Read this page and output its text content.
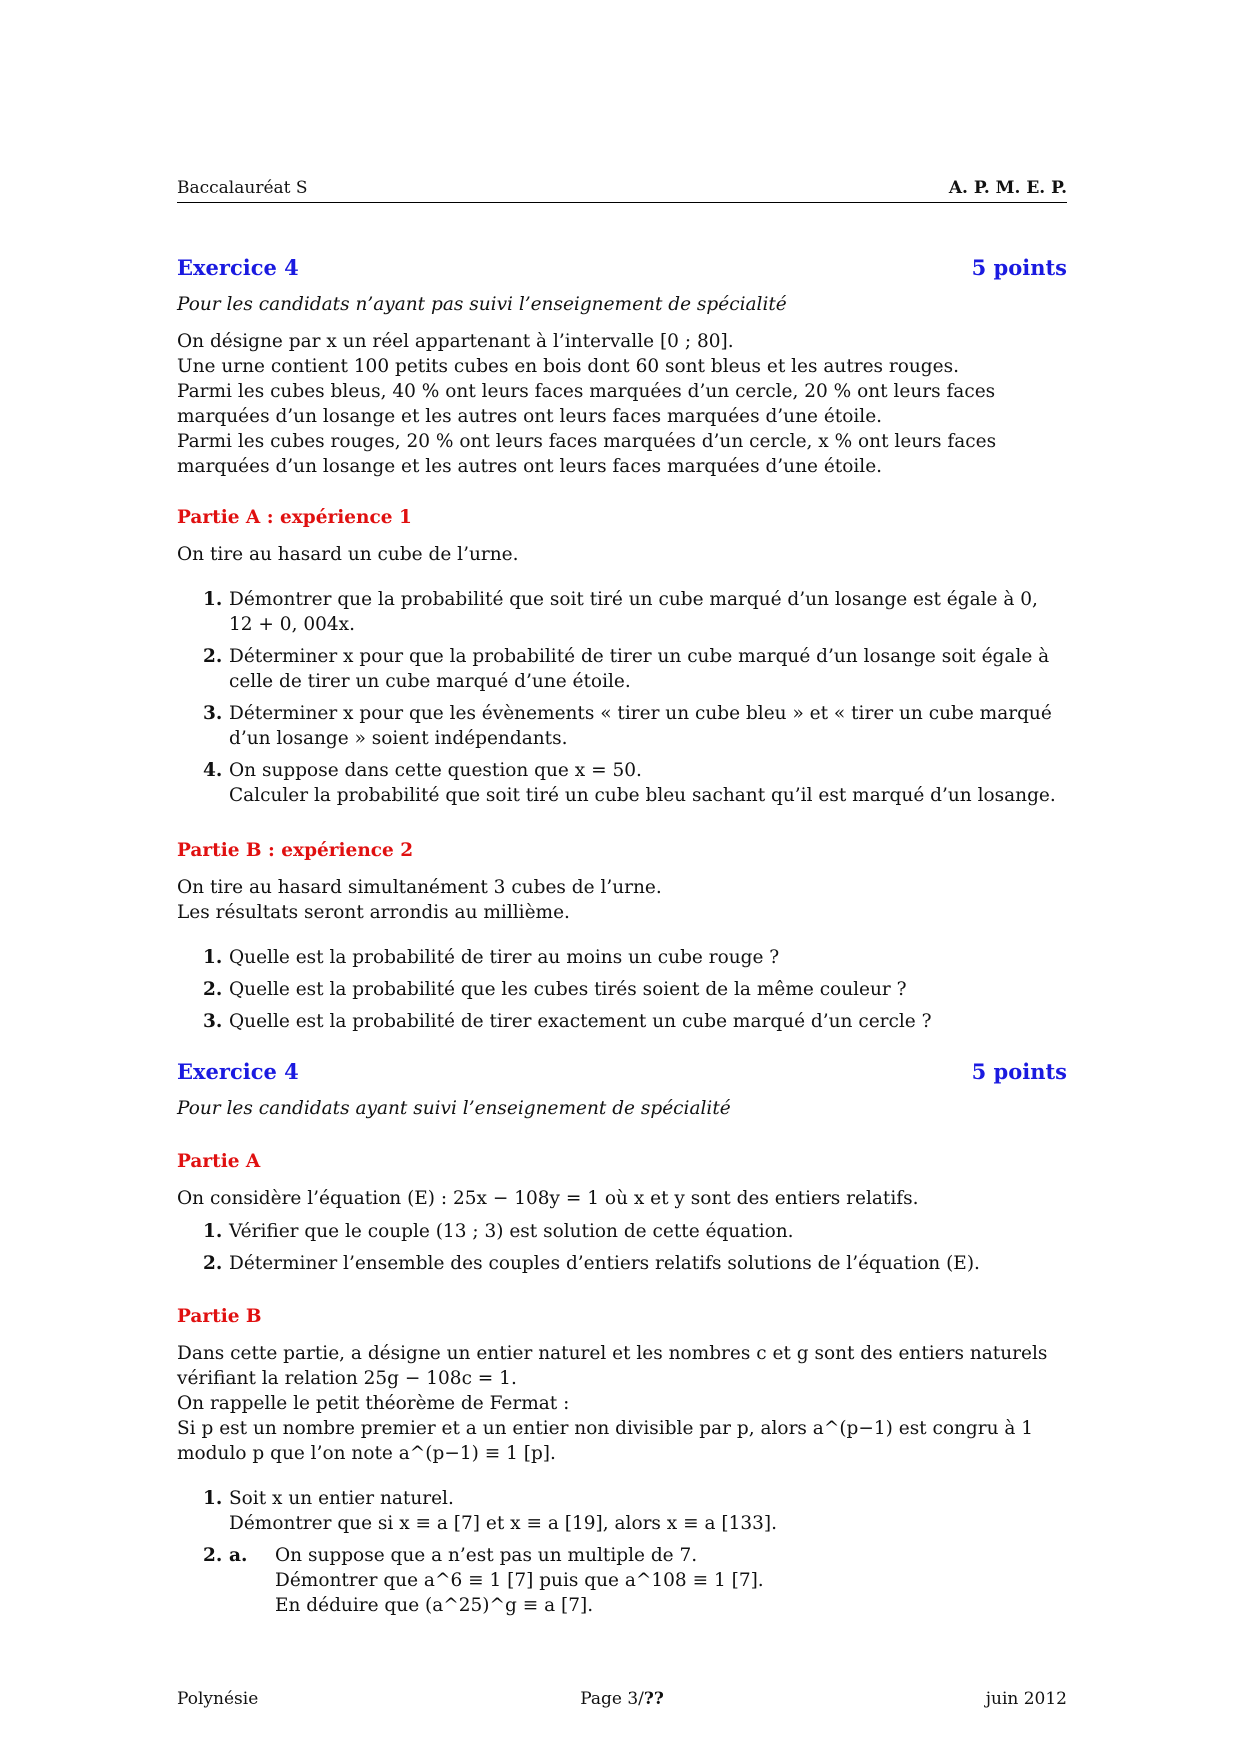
Baccalauréat S	A. P. M. E. P.
Exercice 4	5 points

Pour les candidats n’ayant pas suivi l’enseignement de spécialité

On désigne par x un réel appartenant à l’intervalle [0 ; 80].

Une urne contient 100 petits cubes en bois dont 60 sont bleus et les autres rouges.

Parmi les cubes bleus, 40 % ont leurs faces marquées d’un cercle, 20 % ont leurs faces marquées d’un losange et les autres ont leurs faces marquées d’une étoile.

Parmi les cubes rouges, 20 % ont leurs faces marquées d’un cercle, x % ont leurs faces marquées d’un losange et les autres ont leurs faces marquées d’une étoile.

Partie A : expérience 1

On tire au hasard un cube de l’urne.

1. Démontrer que la probabilité que soit tiré un cube marqué d’un losange est égale à 0, 12 + 0, 004x.
2. Déterminer x pour que la probabilité de tirer un cube marqué d’un losange soit égale à celle de tirer un cube marqué d’une étoile.
3. Déterminer x pour que les évènements « tirer un cube bleu » et « tirer un cube marqué d’un losange » soient indépendants.
4. On suppose dans cette question que x = 50.
Calculer la probabilité que soit tiré un cube bleu sachant qu’il est marqué d’un losange.

Partie B : expérience 2

On tire au hasard simultanément 3 cubes de l’urne.

Les résultats seront arrondis au millième.

1. Quelle est la probabilité de tirer au moins un cube rouge ?
2. Quelle est la probabilité que les cubes tirés soient de la même couleur ?
3. Quelle est la probabilité de tirer exactement un cube marqué d’un cercle ?
Exercice 4	5 points

Pour les candidats ayant suivi l’enseignement de spécialité

Partie A

On considère l’équation (E) : 25x − 108y = 1 où x et y sont des entiers relatifs.

1. Vérifier que le couple (13 ; 3) est solution de cette équation.
2. Déterminer l’ensemble des couples d’entiers relatifs solutions de l’équation (E).

Partie B

Dans cette partie, a désigne un entier naturel et les nombres c et g sont des entiers naturels vérifiant la relation 25g − 108c = 1.

On rappelle le petit théorème de Fermat :

Si p est un nombre premier et a un entier non divisible par p, alors a^(p−1) est congru à 1 modulo p que l’on note a^(p−1) ≡ 1 [p].

1. Soit x un entier naturel.
Démontrer que si x ≡ a [7] et x ≡ a [19], alors x ≡ a [133].
2. a. On suppose que a n’est pas un multiple de 7.
Démontrer que a^6 ≡ 1 [7] puis que a^108 ≡ 1 [7].
En déduire que (a^25)^g ≡ a [7].
Polynésie	Page 3/??	juin 2012
